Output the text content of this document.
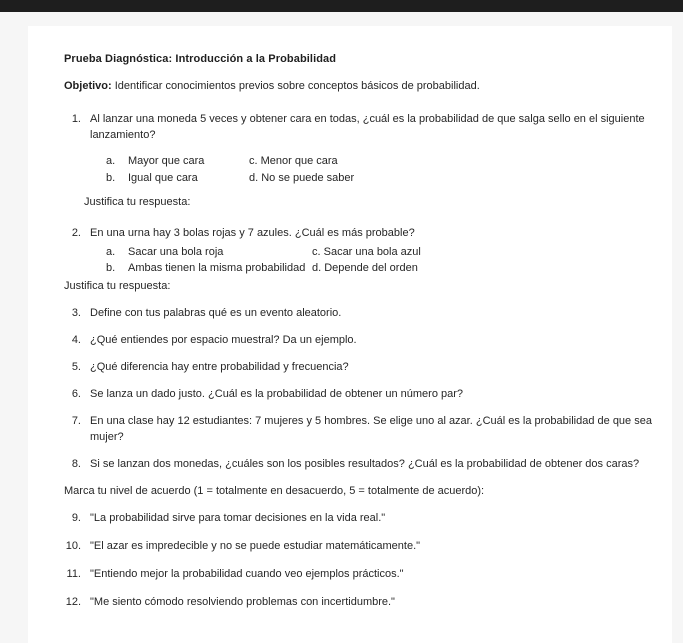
Prueba Diagnóstica: Introducción a la Probabilidad
Objetivo: Identificar conocimientos previos sobre conceptos básicos de probabilidad.
1. Al lanzar una moneda 5 veces y obtener cara en todas, ¿cuál es la probabilidad de que salga sello en el siguiente lanzamiento?
a.	Mayor que cara
b.	Igual que cara
c. Menor que cara
d. No se puede saber
Justifica tu respuesta:
2. En una urna hay 3 bolas rojas y 7 azules. ¿Cuál es más probable?
a.	Sacar una bola roja
b.	Ambas tienen la misma probabilidad
c. Sacar una bola azul
d. Depende del orden
Justifica tu respuesta:
3. Define con tus palabras qué es un evento aleatorio.
4. ¿Qué entiendes por espacio muestral? Da un ejemplo.
5. ¿Qué diferencia hay entre probabilidad y frecuencia?
6. Se lanza un dado justo. ¿Cuál es la probabilidad de obtener un número par?
7. En una clase hay 12 estudiantes: 7 mujeres y 5 hombres. Se elige uno al azar. ¿Cuál es la probabilidad de que sea mujer?
8. Si se lanzan dos monedas, ¿cuáles son los posibles resultados? ¿Cuál es la probabilidad de obtener dos caras?
Marca tu nivel de acuerdo (1 = totalmente en desacuerdo, 5 = totalmente de acuerdo):
9. "La probabilidad sirve para tomar decisiones en la vida real."
10. "El azar es impredecible y no se puede estudiar matemáticamente."
11. "Entiendo mejor la probabilidad cuando veo ejemplos prácticos."
12. "Me siento cómodo resolviendo problemas con incertidumbre."
